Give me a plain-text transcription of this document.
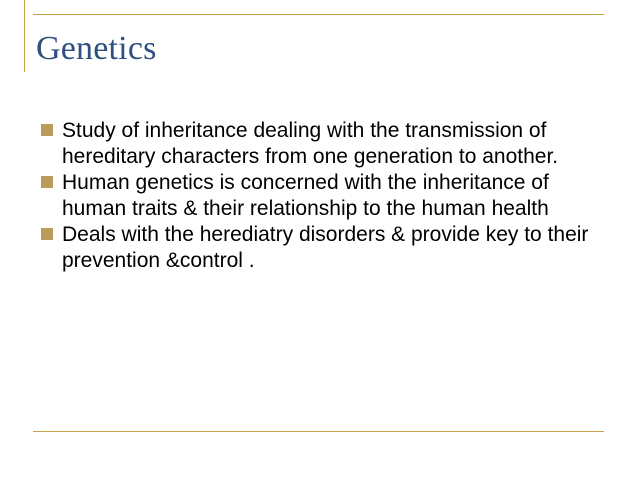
Genetics
Study of inheritance dealing with the transmission of hereditary characters from one generation to another.
Human genetics is concerned with the inheritance of human traits & their relationship to the human health
Deals with the herediatry disorders & provide key to their prevention &control .
